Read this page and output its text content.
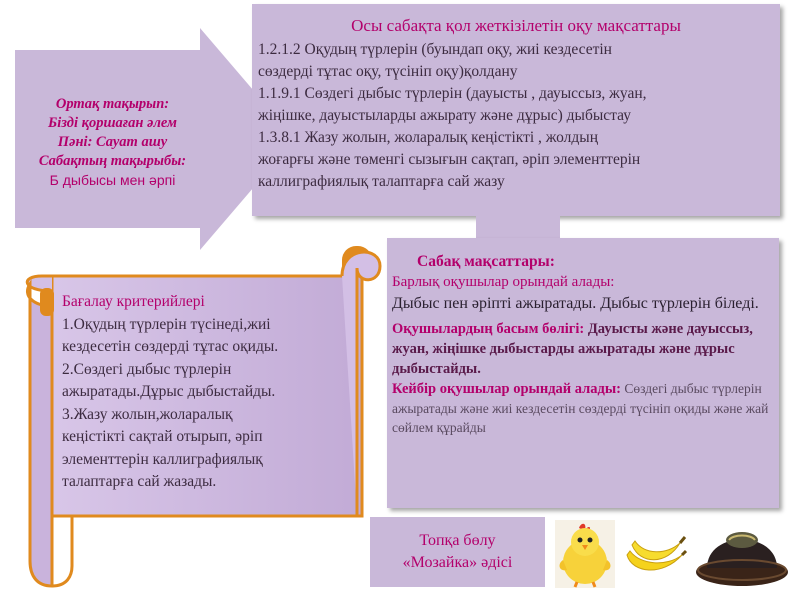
Ортақ тақырып:
Бізді қоршаған әлем
Пәні: Сауат ашу
Сабақтың тақырыбы:
Б дыбысы мен әрпі
Осы сабақта қол жеткізілетін оқу мақсаттары
1.2.1.2 Оқудың түрлерін (буындап оқу, жиі кездесетін
сөздерді тұтас оқу, түсініп оқу)қолдану
1.1.9.1 Сөздегі дыбыс түрлерін (дауысты , дауыссыз, жуан,
жіңішке, дауыстыларды ажырату және дұрыс) дыбыстау
1.3.8.1 Жазу жолын, жоларалық кеңістікті , жолдың
жоғарғы және төменгі сызығын сақтап, әріп элементтерін
каллиграфиялық талаптарға сай жазу
Сабақ мақсаттары:
Барлық оқушылар орындай алады:
Дыбыс пен әріпті ажыратады. Дыбыс түрлерін біледі.
Оқушылардың басым бөлігі: Дауысты және дауыссыз, жуан, жіңішке дыбыстарды ажыратады және дұрыс дыбыстайды.
Кейбір оқушылар орындай алады: Сөздегі дыбыс түрлерін ажыратады және жиі кездесетін сөздерді түсініп оқиды және жай сөйлем құрайды
Бағалау критерийлері
1.Оқудың түрлерін түсінеді,жиі
кездесетін сөздерді тұтас оқиды.
2.Сөздегі дыбыс түрлерін
ажыратады.Дұрыс дыбыстайды.
3.Жазу жолын,жоларалық
кеңістікті сақтай отырып, әріп
элементтерін каллиграфиялық
талаптарға сай жазады.
Топқа бөлу
«Мозайка» әдісі
